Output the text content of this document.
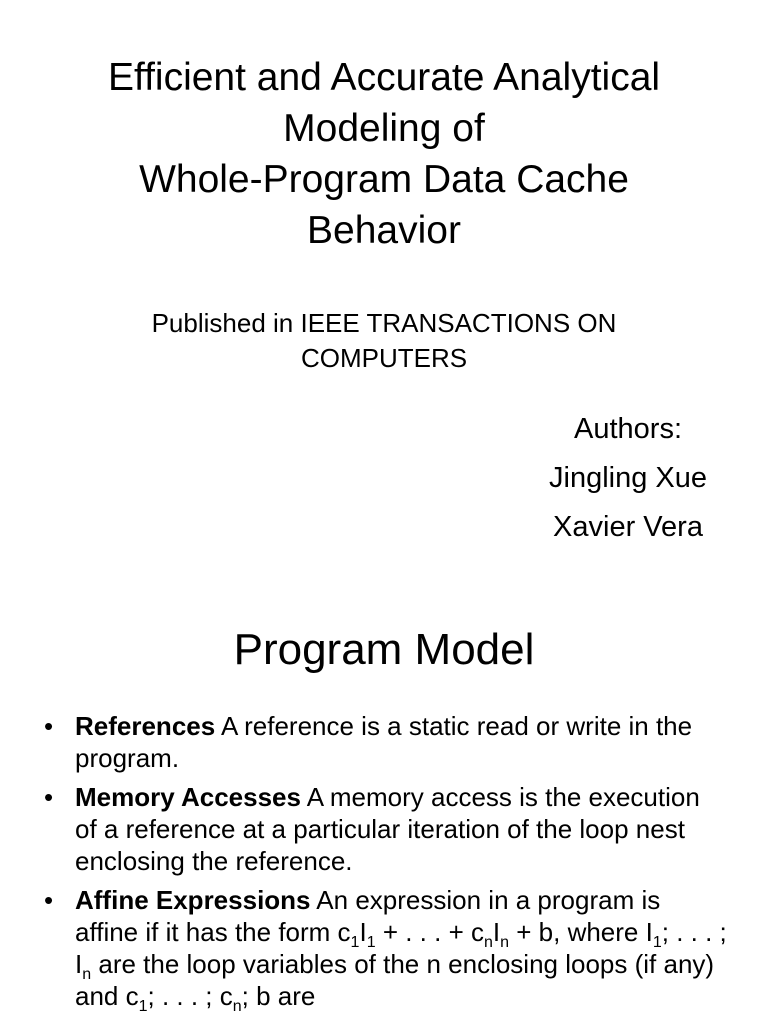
Efficient and Accurate Analytical
Modeling of
Whole-Program Data Cache
Behavior
Published in IEEE TRANSACTIONS ON
COMPUTERS
Authors:
Jingling Xue
Xavier Vera
Program Model
• References A reference is a static read or write in the program.
• Memory Accesses A memory access is the execution of a reference at a particular iteration of the loop nest enclosing the reference.
• Affine Expressions An expression in a program is affine if it has the form $c_1I_1$ + . . . + $c_nI_n + b$, where $I_1$; . . . ; $I_n$ are the loop variables of the n enclosing loops (if any) and $c_1$; . . . ; $c_n$; b are
